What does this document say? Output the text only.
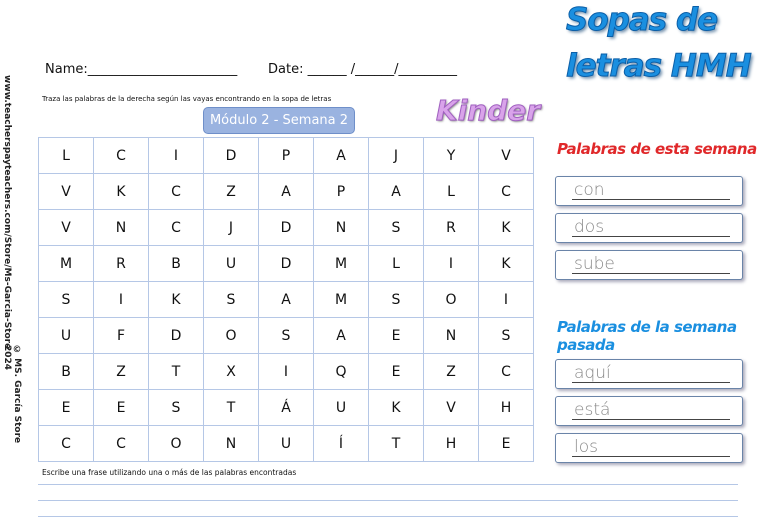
www.teacherspayteachers.com/Store/Ms-Garcia-Store
© MS. García Store 2024
Sopas de
letras HMH
Kinder
Name:_______________________ Date: ______ /______/_________
Traza las palabras de la derecha según las vayas encontrando en la sopa de letras
Módulo 2 - Semana 2
L	C	I	D	P	A	J	Y	V
V	K	C	Z	A	P	A	L	C
V	N	C	J	D	N	S	R	K
M	R	B	U	D	M	L	I	K
S	I	K	S	A	M	S	O	I
U	F	D	O	S	A	E	N	S
B	Z	T	X	I	Q	E	Z	C
E	E	S	T	Á	U	K	V	H
C	C	O	N	U	Í	T	H	E
Palabras de esta semana
con
dos
sube
Palabras de la semana pasada
aquí
está
los
Escribe una frase utilizando una o más de las palabras encontradas
